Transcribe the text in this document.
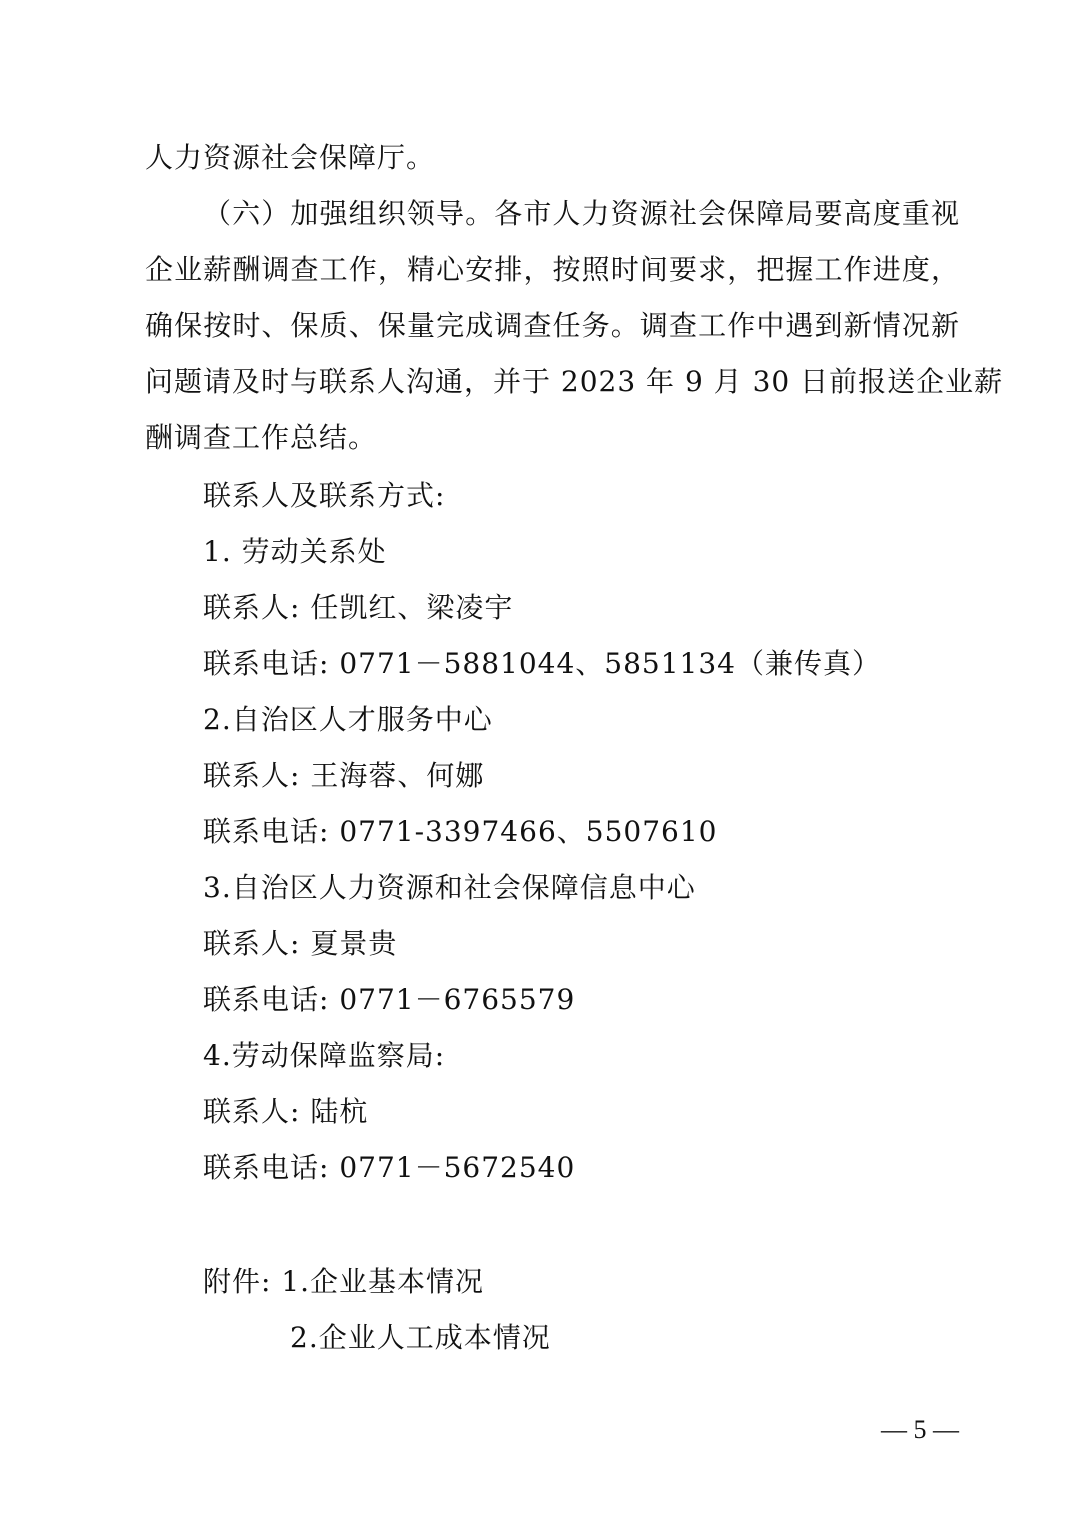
人力资源社会保障厅。
（六）加强组织领导。各市人力资源社会保障局要高度重视
企业薪酬调查工作，精心安排，按照时间要求，把握工作进度，
确保按时、保质、保量完成调查任务。调查工作中遇到新情况新
问题请及时与联系人沟通，并于 2023 年 9 月 30 日前报送企业薪
酬调查工作总结。
联系人及联系方式:
1. 劳动关系处
联系人: 任凯红、梁凌宇
联系电话: 0771－5881044、5851134（兼传真）
2.自治区人才服务中心
联系人: 王海蓉、何娜
联系电话: 0771-3397466、5507610
3.自治区人力资源和社会保障信息中心
联系人: 夏景贵
联系电话: 0771－6765579
4.劳动保障监察局:
联系人: 陆杭
联系电话: 0771－5672540
附件: 1.企业基本情况
2.企业人工成本情况
— 5 —
